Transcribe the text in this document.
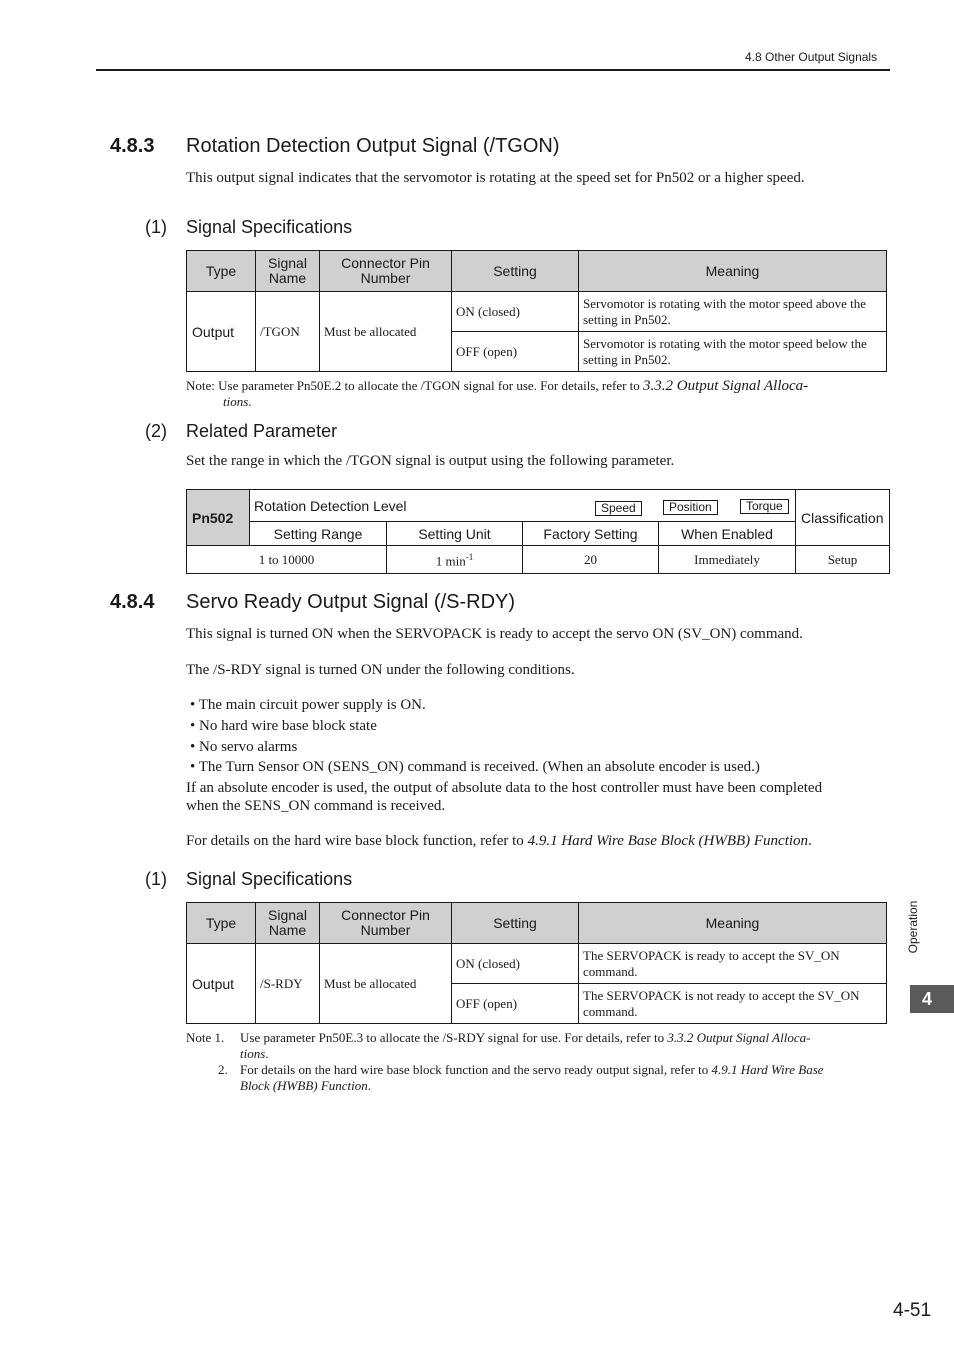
4.8 Other Output Signals
4.8.3 Rotation Detection Output Signal (/TGON)
This output signal indicates that the servomotor is rotating at the speed set for Pn502 or a higher speed.
(1) Signal Specifications
Type	Signal Name	Connector Pin Number	Setting	Meaning
Output	/TGON	Must be allocated	ON (closed)	Servomotor is rotating with the motor speed above the setting in Pn502.
			OFF (open)	Servomotor is rotating with the motor speed below the setting in Pn502.
Note: Use parameter Pn50E.2 to allocate the /TGON signal for use. For details, refer to 3.3.2 Output Signal Alloca-
tions.
(2) Related Parameter
Set the range in which the /TGON signal is output using the following parameter.
Pn502	Rotation Detection Level Speed Position Torque				Classification
	Setting Range	Setting Unit	Factory Setting	When Enabled	
1 to 10000		1 $\min^{-1}$	20	Immediately	Setup
4.8.4 Servo Ready Output Signal (/S-RDY)
This signal is turned ON when the SERVOPACK is ready to accept the servo ON (SV_ON) command.
The /S-RDY signal is turned ON under the following conditions.
• The main circuit power supply is ON.
• No hard wire base block state
• No servo alarms
• The Turn Sensor ON (SENS_ON) command is received. (When an absolute encoder is used.)
If an absolute encoder is used, the output of absolute data to the host controller must have been completed
when the SENS_ON command is received.
For details on the hard wire base block function, refer to 4.9.1 Hard Wire Base Block (HWBB) Function.
(1) Signal Specifications
Type	Signal Name	Connector Pin Number	Setting	Meaning
Output	/S-RDY	Must be allocated	ON (closed)	The SERVOPACK is ready to accept the SV_ON command.
			OFF (open)	The SERVOPACK is not ready to accept the SV_ON command.
Note 1. Use parameter Pn50E.3 to allocate the /S-RDY signal for use. For details, refer to 3.3.2 Output Signal Alloca-
tions.
2. For details on the hard wire base block function and the servo ready output signal, refer to 4.9.1 Hard Wire Base
Block (HWBB) Function.
Operation
4
4-51
